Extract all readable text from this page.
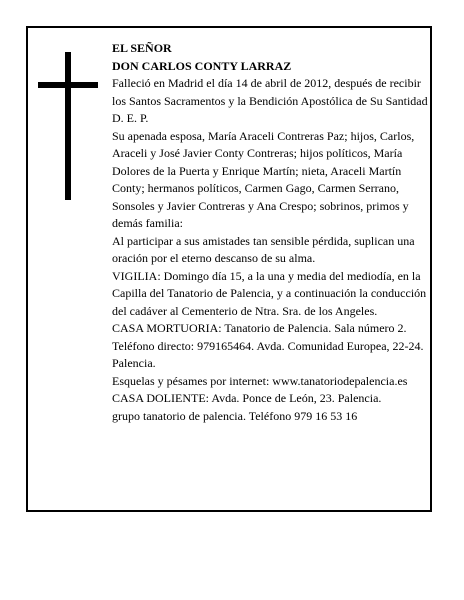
EL SEÑOR

DON CARLOS CONTY LARRAZ

Falleció en Madrid el día 14 de abril de 2012, después de recibir los Santos Sacramentos y la Bendición Apostólica de Su Santidad

D. E. P.

Su apenada esposa, María Araceli Contreras Paz; hijos, Carlos, Araceli y José Javier Conty Contreras; hijos políticos, María Dolores de la Puerta y Enrique Martín; nieta, Araceli Martín Conty; hermanos políticos, Carmen Gago, Carmen Serrano, Sonsoles y Javier Contreras y Ana Crespo; sobrinos, primos y demás familia:

Al participar a sus amistades tan sensible pérdida, suplican una oración por el eterno descanso de su alma.

VIGILIA: Domingo día 15, a la una y media del mediodía, en la Capilla del Tanatorio de Palencia, y a continuación la conducción del cadáver al Cementerio de Ntra. Sra. de los Angeles.

CASA MORTUORIA: Tanatorio de Palencia. Sala número 2. Teléfono directo: 979165464. Avda. Comunidad Europea, 22-24. Palencia.

Esquelas y pésames por internet: www.tanatoriodepalencia.es

CASA DOLIENTE: Avda. Ponce de León, 23. Palencia.

grupo tanatorio de palencia. Teléfono 979 16 53 16
